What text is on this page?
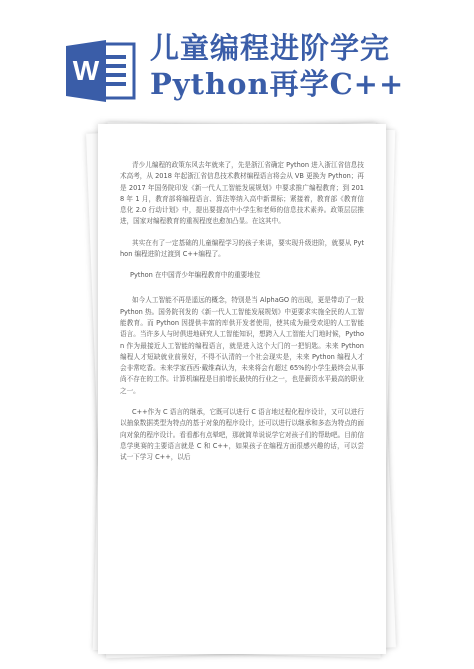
W
儿童编程进阶学完
Python再学C++

青少儿编程的政策东风去年就来了，先是浙江省确定 Python 进入浙江省信息技术高考，从 2018 年起浙江省信息技术教材编程语言将会从 VB 更换为 Python；再是 2017 年国务院印发《新一代人工智能发展规划》中要求推广编程教育；到 2018 年 1 月，教育部将编程语言、算法等纳入高中新课标；紧接着，教育部《教育信息化 2.0 行动计划》中，提出要提高中小学生和老师的信息技术素养。政策层层推进，国家对编程教育的重视程度也愈加凸显。在这其中。

其实在有了一定基础的儿童编程学习的孩子来讲，要实现升级进阶，就要从 Python 编程进阶过渡到 C++编程了。

Python 在中国青少年编程教育中的重要地位

如今人工智能不再是遥远的概念，特别是当 AlphaGO 的出现，更是带动了一股 Python 热。国务院刊发的《新一代人工智能发展规划》中更要求实施全民的人工智能教育。而 Python 因提供丰富的库供开发者使用，使其成为最受欢迎的人工智能语言。当许多人与时俱进地研究人工智能知识，想跨入人工智能大门地时候，Python 作为最接近人工智能的编程语言，就是进入这个大门的一把钥匙。未来 Python 编程人才短缺就业前景好，不得不认清的一个社会现实是，未来 Python 编程人才会非常吃香。未来学家西西·戴维森认为，未来将会有超过 65%的小学生最终会从事尚不存在的工作。计算机编程是目前增长最快的行业之一，也是薪资水平最高的职业之一。

C++作为 C 语言的继承，它既可以进行 C 语言地过程化程序设计，又可以进行以抽象数据类型为特点的基于对象的程序设计，还可以进行以继承和多态为特点的面向对象的程序设计。看看都有点晕吧，那就简单说说学它对孩子们的帮助吧。目前信息学奥赛的主要语言就是 C 和 C++，如果孩子在编程方面很感兴趣的话，可以尝试一下学习 C++，以后
